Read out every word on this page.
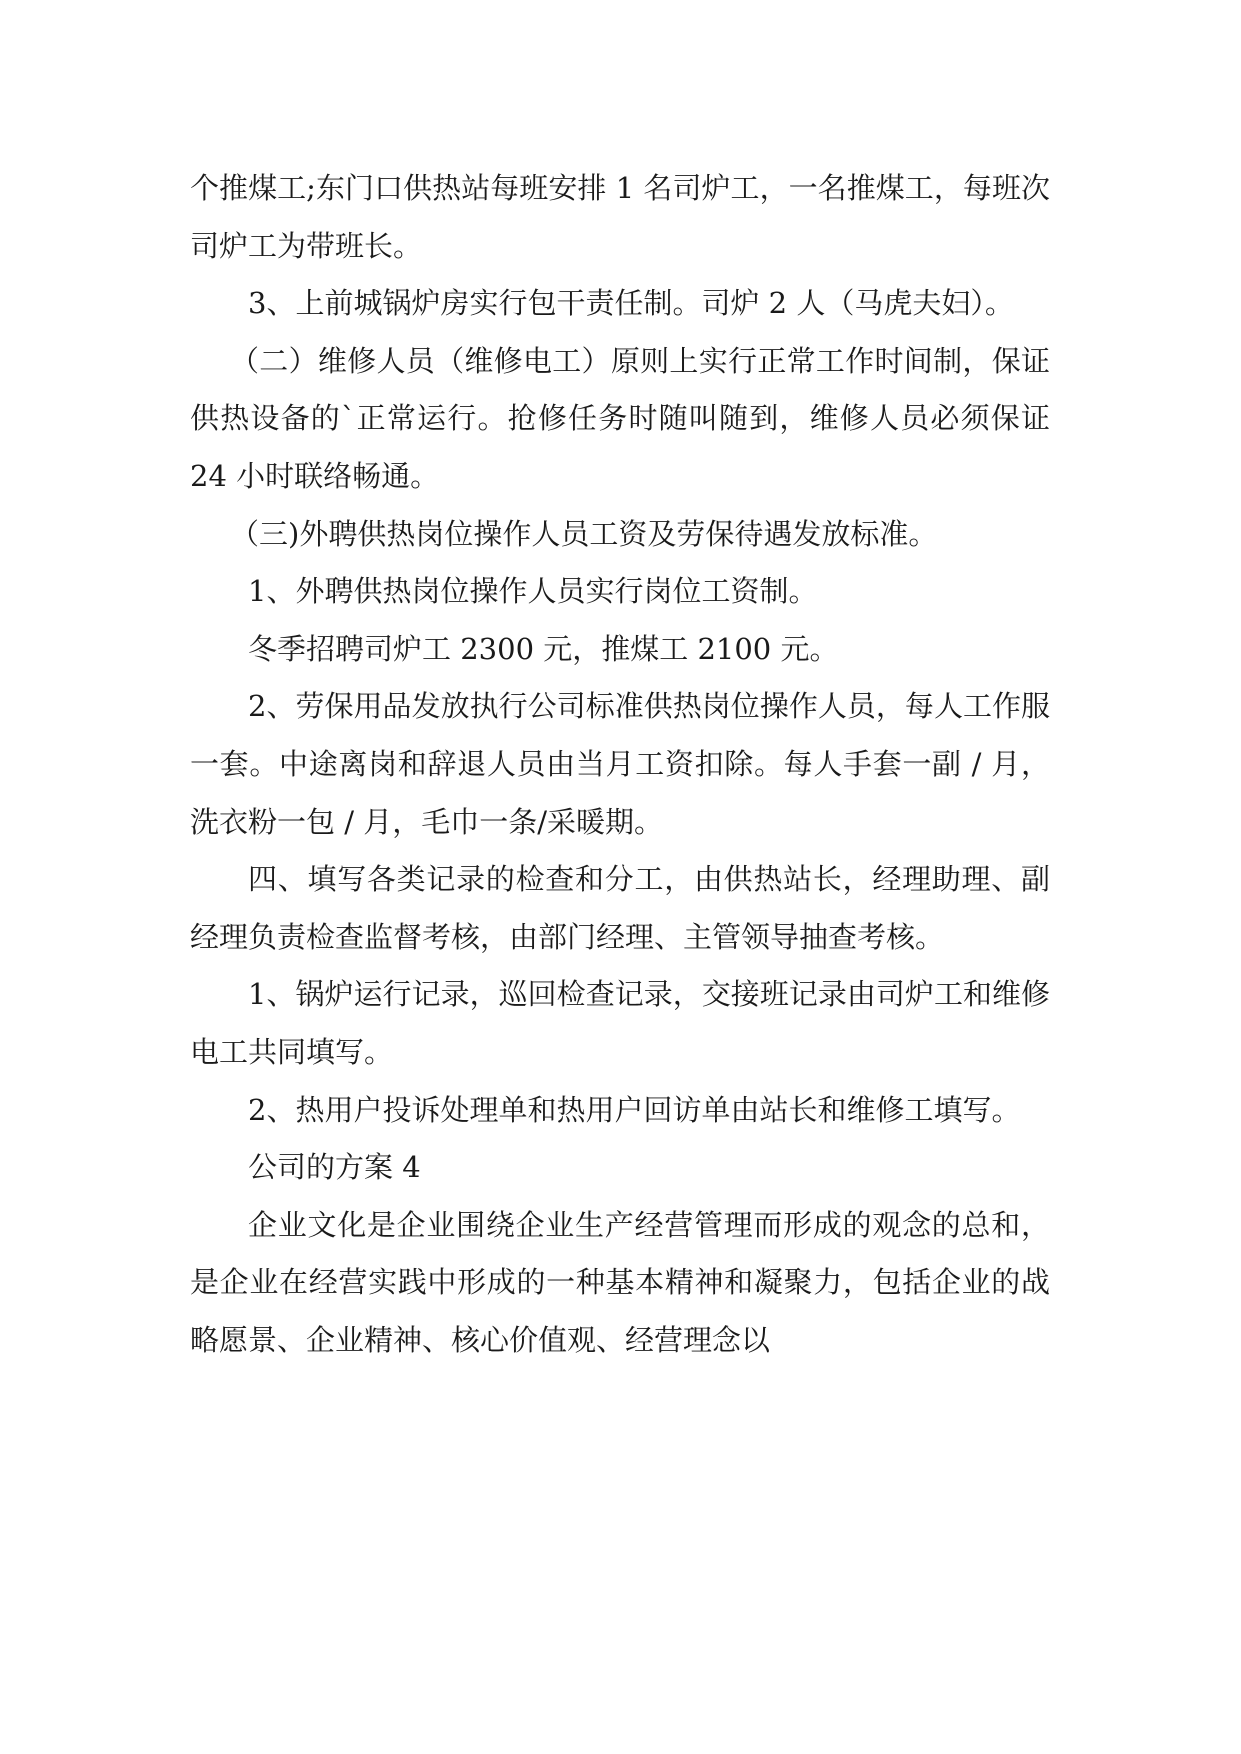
个推煤工;东门口供热站每班安排 1 名司炉工，一名推煤工，每班次司炉工为带班长。

3、上前城锅炉房实行包干责任制。司炉 2 人（马虎夫妇）。

（二）维修人员（维修电工）原则上实行正常工作时间制，保证供热设备的`正常运行。抢修任务时随叫随到，维修人员必须保证 24 小时联络畅通。

（三)外聘供热岗位操作人员工资及劳保待遇发放标准。

1、外聘供热岗位操作人员实行岗位工资制。

冬季招聘司炉工 2300 元，推煤工 2100 元。

2、劳保用品发放执行公司标准供热岗位操作人员，每人工作服一套。中途离岗和辞退人员由当月工资扣除。每人手套一副 / 月，洗衣粉一包 / 月，毛巾一条/采暖期。

四、填写各类记录的检查和分工，由供热站长，经理助理、副经理负责检查监督考核，由部门经理、主管领导抽查考核。

1、锅炉运行记录，巡回检查记录，交接班记录由司炉工和维修电工共同填写。

2、热用户投诉处理单和热用户回访单由站长和维修工填写。

公司的方案 4

企业文化是企业围绕企业生产经营管理而形成的观念的总和，是企业在经营实践中形成的一种基本精神和凝聚力，包括企业的战略愿景、企业精神、核心价值观、经营理念以
